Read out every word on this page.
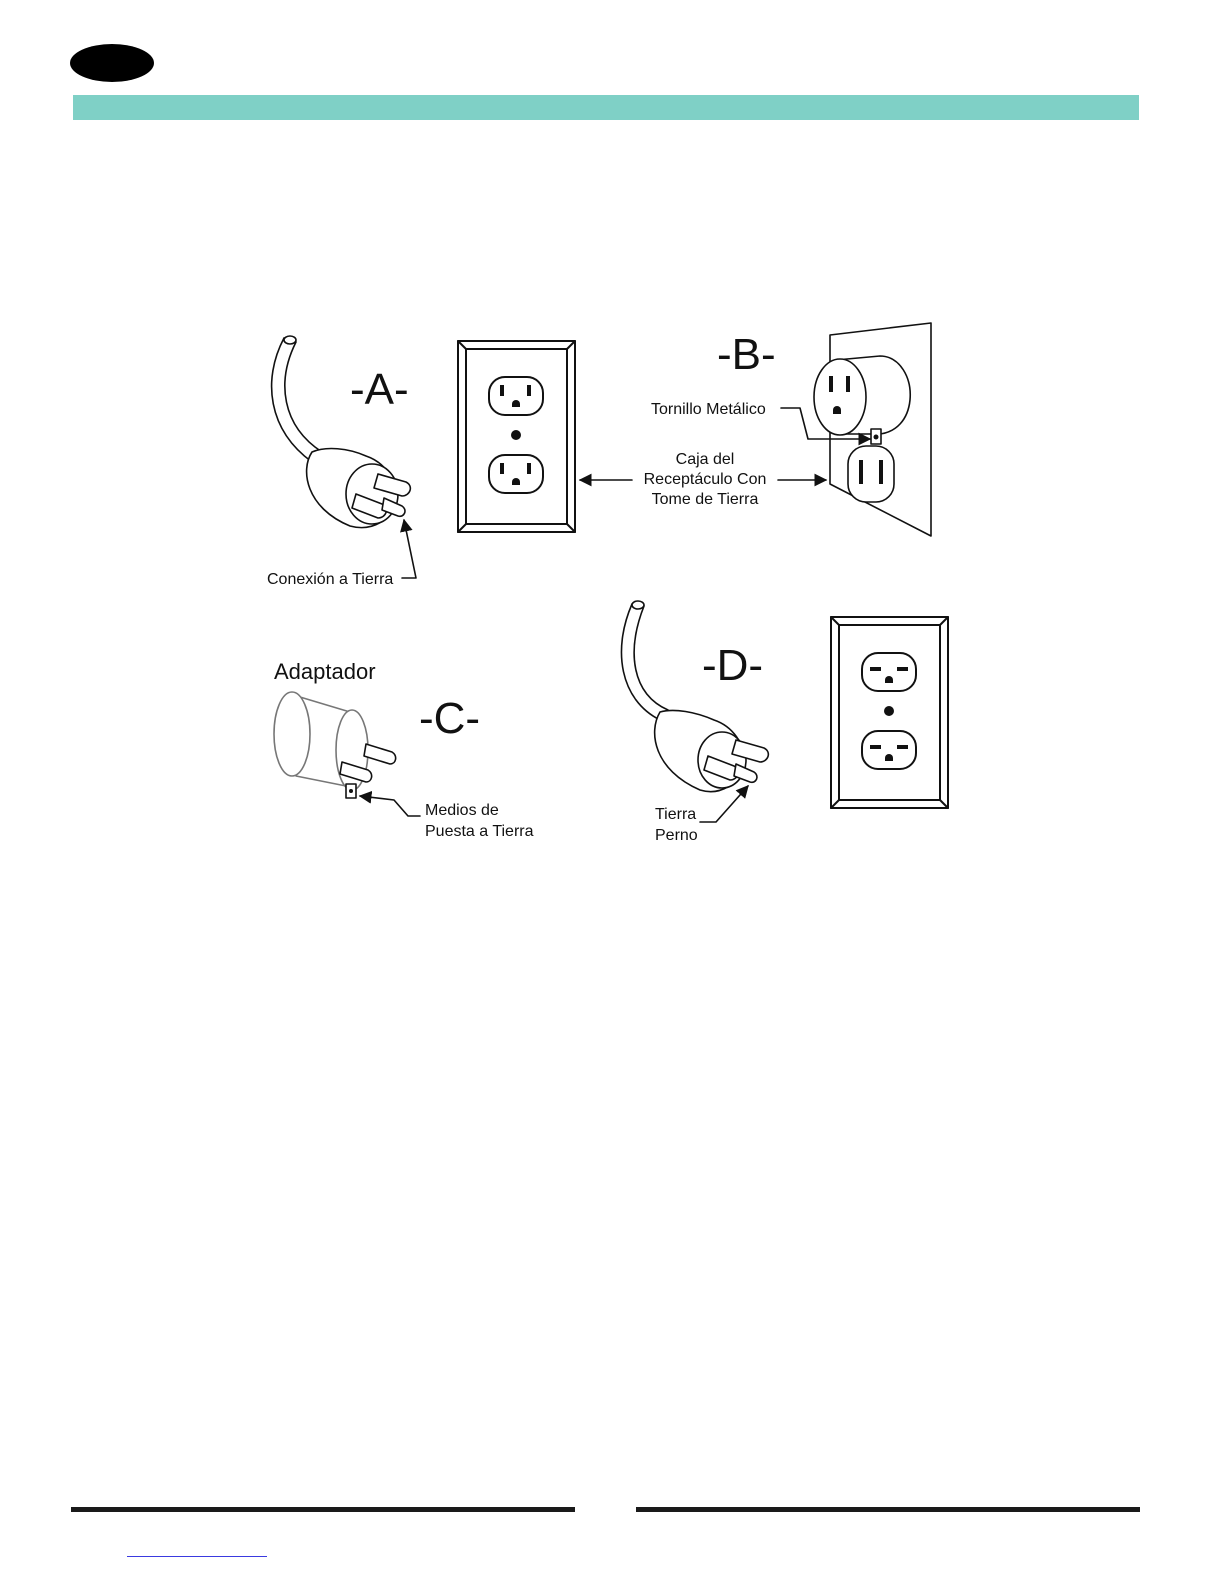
-A-
-B-
-C-
-D-
Conexión a Tierra
Tornillo Metálico
Caja del
Receptáculo Con
Tome de Tierra
Adaptador
Medios de
Puesta a Tierra
Tierra
Perno
